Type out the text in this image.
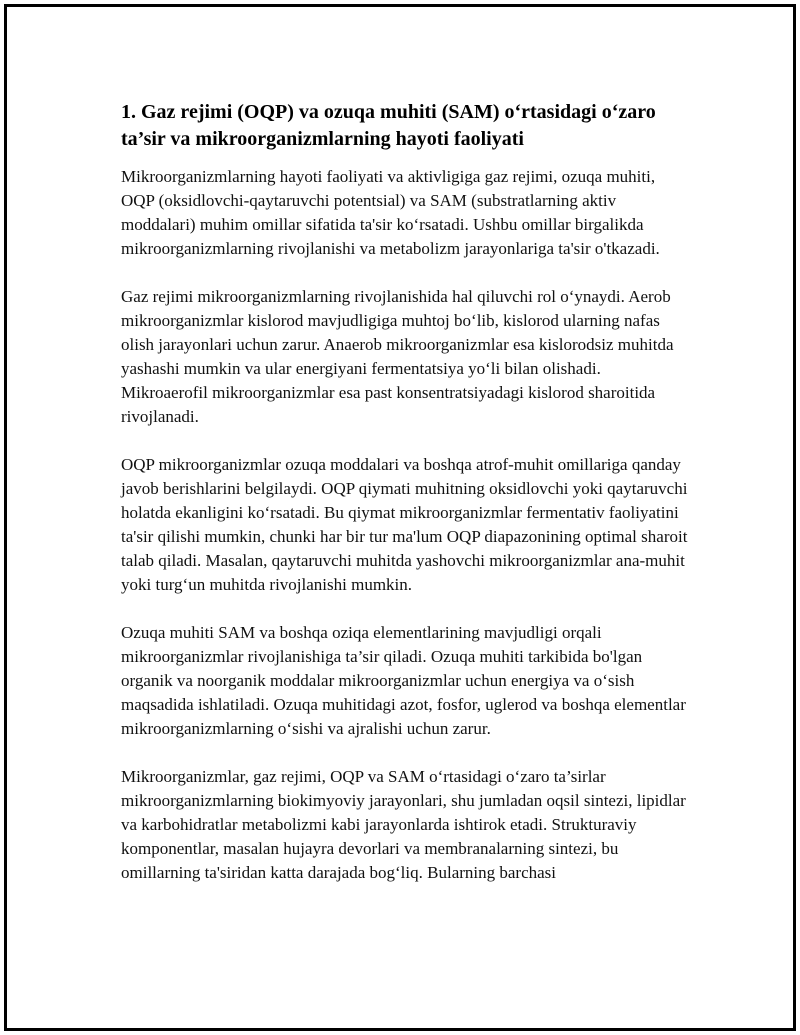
1. Gaz rejimi (OQP) va ozuqa muhiti (SAM) o‘rtasidagi o‘zaro ta’sir va mikroorganizmlarning hayoti faoliyati

Mikroorganizmlarning hayoti faoliyati va aktivligiga gaz rejimi, ozuqa muhiti, OQP (oksidlovchi-qaytaruvchi potentsial) va SAM (substratlarning aktiv moddalari) muhim omillar sifatida ta'sir ko‘rsatadi. Ushbu omillar birgalikda mikroorganizmlarning rivojlanishi va metabolizm jarayonlariga ta'sir o'tkazadi.

Gaz rejimi mikroorganizmlarning rivojlanishida hal qiluvchi rol o‘ynaydi. Aerob mikroorganizmlar kislorod mavjudligiga muhtoj bo‘lib, kislorod ularning nafas olish jarayonlari uchun zarur. Anaerob mikroorganizmlar esa kislorodsiz muhitda yashashi mumkin va ular energiyani fermentatsiya yo‘li bilan olishadi. Mikroaerofil mikroorganizmlar esa past konsentratsiyadagi kislorod sharoitida rivojlanadi.

OQP mikroorganizmlar ozuqa moddalari va boshqa atrof-muhit omillariga qanday javob berishlarini belgilaydi. OQP qiymati muhitning oksidlovchi yoki qaytaruvchi holatda ekanligini ko‘rsatadi. Bu qiymat mikroorganizmlar fermentativ faoliyatini ta'sir qilishi mumkin, chunki har bir tur ma'lum OQP diapazonining optimal sharoit talab qiladi. Masalan, qaytaruvchi muhitda yashovchi mikroorganizmlar ana-muhit yoki turg‘un muhitda rivojlanishi mumkin.

Ozuqa muhiti SAM va boshqa oziqa elementlarining mavjudligi orqali mikroorganizmlar rivojlanishiga ta’sir qiladi. Ozuqa muhiti tarkibida bo'lgan organik va noorganik moddalar mikroorganizmlar uchun energiya va o‘sish maqsadida ishlatiladi. Ozuqa muhitidagi azot, fosfor, uglerod va boshqa elementlar mikroorganizmlarning o‘sishi va ajralishi uchun zarur.

Mikroorganizmlar, gaz rejimi, OQP va SAM o‘rtasidagi o‘zaro ta’sirlar mikroorganizmlarning biokimyoviy jarayonlari, shu jumladan oqsil sintezi, lipidlar va karbohidratlar metabolizmi kabi jarayonlarda ishtirok etadi. Strukturaviy komponentlar, masalan hujayra devorlari va membranalarning sintezi, bu omillarning ta'siridan katta darajada bog‘liq. Bularning barchasi
